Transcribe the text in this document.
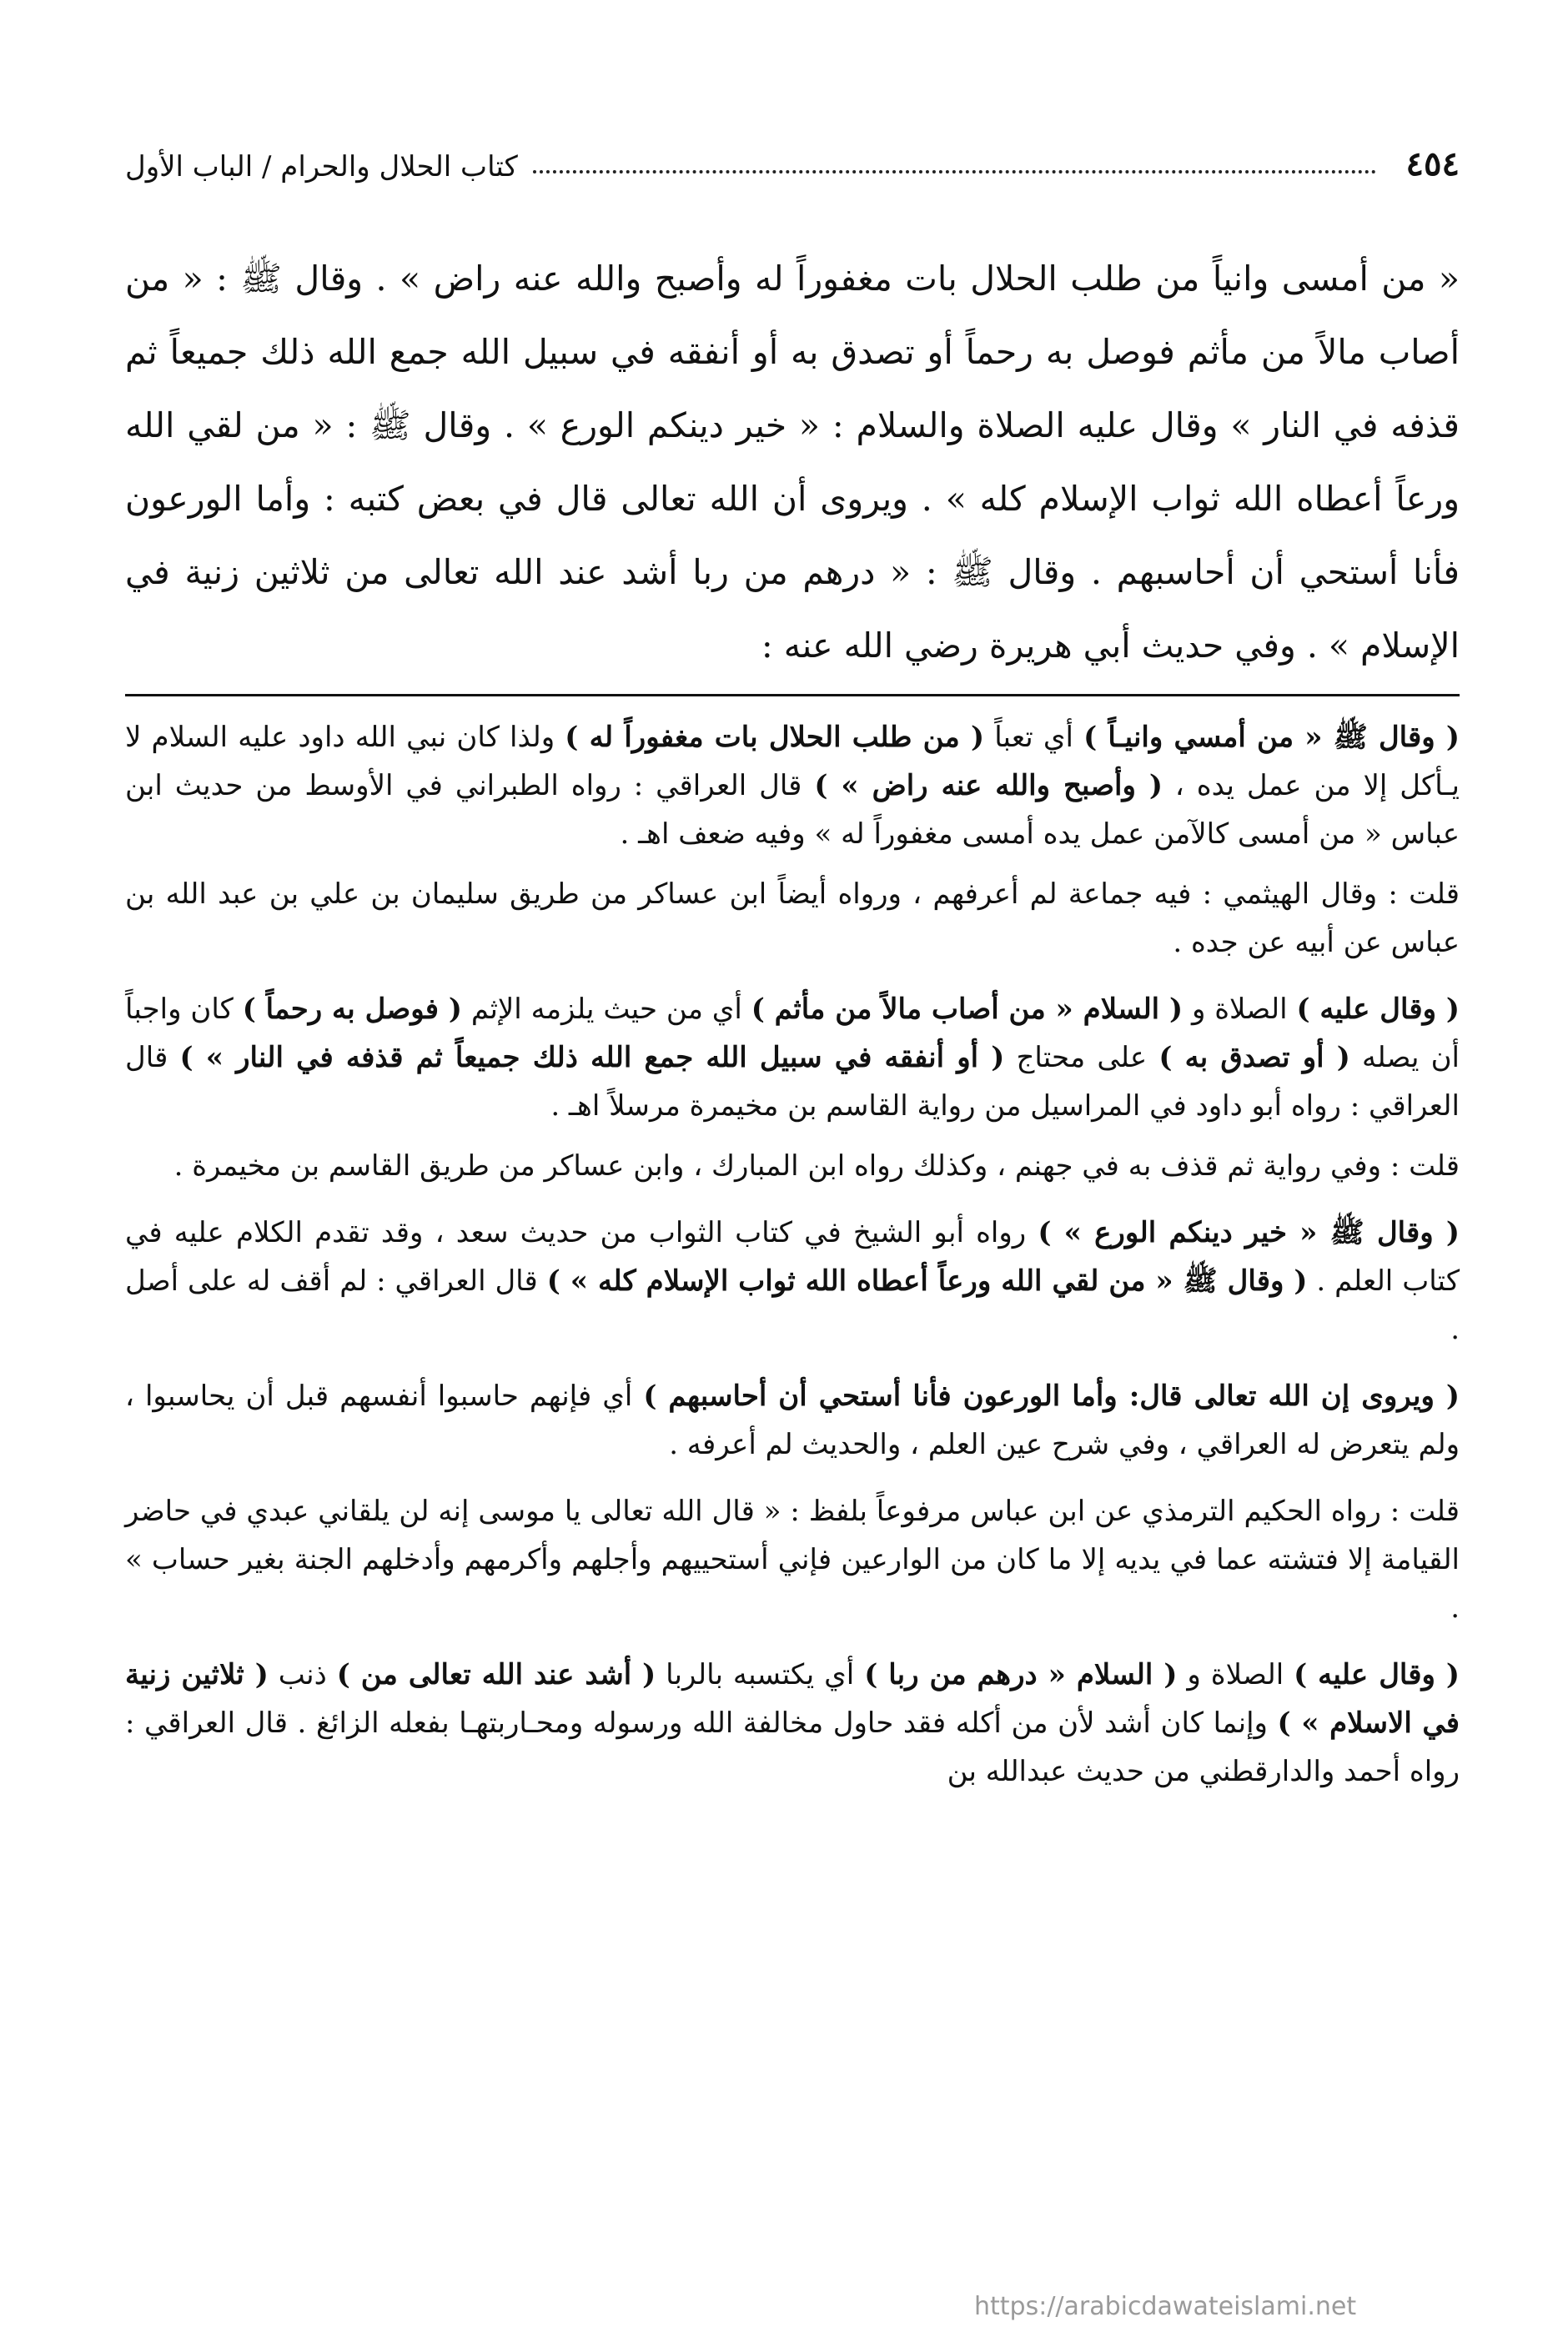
٤٥٤
كتاب الحلال والحرام / الباب الأول

« من أمسى وانياً من طلب الحلال بات مغفوراً له وأصبح والله عنه راض » . وقال ﷺ : « من أصاب مالاً من مأثم فوصل به رحماً أو تصدق به أو أنفقه في سبيل الله جمع الله ذلك جميعاً ثم قذفه في النار » وقال عليه الصلاة والسلام : « خير دينكم الورع » . وقال ﷺ : « من لقي الله ورعاً أعطاه الله ثواب الإسلام كله » . ويروى أن الله تعالى قال في بعض كتبه : وأما الورعون فأنا أستحي أن أحاسبهم . وقال ﷺ : « درهم من ربا أشد عند الله تعالى من ثلاثين زنية في الإسلام » . وفي حديث أبي هريرة رضي الله عنه :

( وقال ﷺ « من أمسي وانيـاً ) أي تعباً ( من طلب الحلال بات مغفوراً له ) ولذا كان نبي الله داود عليه السلام لا يـأكل إلا من عمل يده ، ( وأصبح والله عنه راض » ) قال العراقي : رواه الطبراني في الأوسط من حديث ابن عباس « من أمسى كالآمن عمل يده أمسى مغفوراً له » وفيه ضعف اهـ .

قلت : وقال الهيثمي : فيه جماعة لم أعرفهم ، ورواه أيضاً ابن عساكر من طريق سليمان بن علي بن عبد الله بن عباس عن أبيه عن جده .

( وقال عليه ) الصلاة و ( السلام « من أصاب مالاً من مأثم ) أي من حيث يلزمه الإثم ( فوصل به رحماً ) كان واجباً أن يصله ( أو تصدق به ) على محتاج ( أو أنفقه في سبيل الله جمع الله ذلك جميعاً ثم قذفه في النار » ) قال العراقي : رواه أبو داود في المراسيل من رواية القاسم بن مخيمرة مرسلاً اهـ .

قلت : وفي رواية ثم قذف به في جهنم ، وكذلك رواه ابن المبارك ، وابن عساكر من طريق القاسم بن مخيمرة .

( وقال ﷺ « خير دينكم الورع » ) رواه أبو الشيخ في كتاب الثواب من حديث سعد ، وقد تقدم الكلام عليه في كتاب العلم . ( وقال ﷺ « من لقي الله ورعاً أعطاه الله ثواب الإسلام كله » ) قال العراقي : لم أقف له على أصل .

( ويروى إن الله تعالى قال: وأما الورعون فأنا أستحي أن أحاسبهم ) أي فإنهم حاسبوا أنفسهم قبل أن يحاسبوا ، ولم يتعرض له العراقي ، وفي شرح عين العلم ، والحديث لم أعرفه .

قلت : رواه الحكيم الترمذي عن ابن عباس مرفوعاً بلفظ : « قال الله تعالى يا موسى إنه لن يلقاني عبدي في حاضر القيامة إلا فتشته عما في يديه إلا ما كان من الوارعين فإني أستحييهم وأجلهم وأكرمهم وأدخلهم الجنة بغير حساب » .

( وقال عليه ) الصلاة و ( السلام « درهم من ربا ) أي يكتسبه بالربا ( أشد عند الله تعالى من ) ذنب ( ثلاثين زنية في الاسلام » ) وإنما كان أشد لأن من أكله فقد حاول مخالفة الله ورسوله ومحـاربتهـا بفعله الزائغ . قال العراقي : رواه أحمد والدارقطني من حديث عبدالله بن

https://arabicdawateislami.net
